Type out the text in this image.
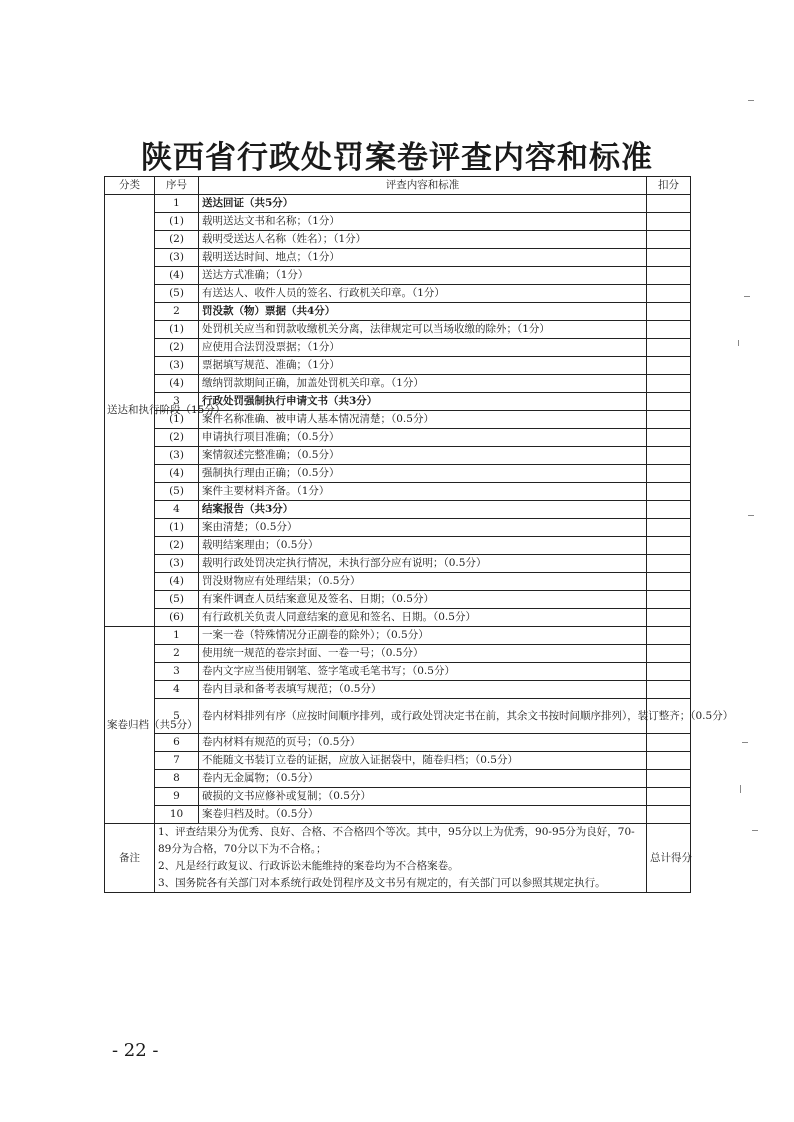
陕西省行政处罚案卷评查内容和标准
分类	序号	评查内容和标准	扣分
送达和执行阶段（15分）	1	送达回证（共5分）	
	(1)	载明送达文书和名称；（1分）	
	(2)	载明受送达人名称（姓名）；（1分）	
	(3)	载明送达时间、地点；（1分）	
	(4)	送达方式准确；（1分）	
	(5)	有送达人、收件人员的签名、行政机关印章。（1分）	
	2	罚没款（物）票据（共4分）	
	(1)	处罚机关应当和罚款收缴机关分离，法律规定可以当场收缴的除外；（1分）	
	(2)	应使用合法罚没票据；（1分）	
	(3)	票据填写规范、准确；（1分）	
	(4)	缴纳罚款期间正确，加盖处罚机关印章。（1分）	
	3	行政处罚强制执行申请文书（共3分）	
	(1)	案件名称准确、被申请人基本情况清楚；（0.5分）	
	(2)	申请执行项目准确；（0.5分）	
	(3)	案情叙述完整准确；（0.5分）	
	(4)	强制执行理由正确；（0.5分）	
	(5)	案件主要材料齐备。（1分）	
	4	结案报告（共3分）	
	(1)	案由清楚；（0.5分）	
	(2)	载明结案理由；（0.5分）	
	(3)	载明行政处罚决定执行情况，未执行部分应有说明；（0.5分）	
	(4)	罚没财物应有处理结果；（0.5分）	
	(5)	有案件调查人员结案意见及签名、日期；（0.5分）	
	(6)	有行政机关负责人同意结案的意见和签名、日期。（0.5分）	
案卷归档（共5分）	1	一案一卷（特殊情况分正副卷的除外）；（0.5分）	
	2	使用统一规范的卷宗封面、一卷一号；（0.5分）	
	3	卷内文字应当使用钢笔、签字笔或毛笔书写；（0.5分）	
	4	卷内目录和备考表填写规范；（0.5分）	
	5	卷内材料排列有序（应按时间顺序排列，或行政处罚决定书在前，其余文书按时间顺序排列），装订整齐；（0.5分）	
	6	卷内材料有规范的页号；（0.5分）	
	7	不能随文书装订立卷的证据，应放入证据袋中，随卷归档；（0.5分）	
	8	卷内无金属物；（0.5分）	
	9	破损的文书应修补或复制；（0.5分）	
	10	案卷归档及时。（0.5分）	
备注	1、评查结果分为优秀、良好、合格、不合格四个等次。其中，95分以上为优秀，90-95分为良好，70-89分为合格，70分以下为不合格。；
2、凡是经行政复议、行政诉讼未能维持的案卷均为不合格案卷。
3、国务院各有关部门对本系统行政处罚程序及文书另有规定的，有关部门可以参照其规定执行。		总计得分
- 22 -
